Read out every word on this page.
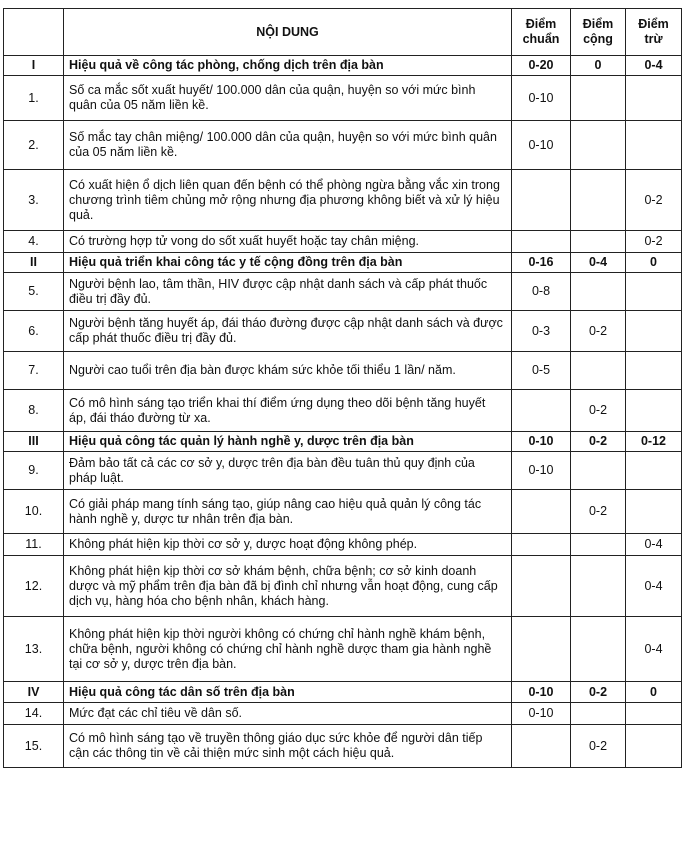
	NỘI DUNG	Điểm chuẩn	Điểm cộng	Điểm trừ
I	Hiệu quả về công tác phòng, chống dịch trên địa bàn	0-20	0	0-4
1.	Số ca mắc sốt xuất huyết/ 100.000 dân của quận, huyện so với mức bình quân của 05 năm liền kề.	0-10		
2.	Số mắc tay chân miệng/ 100.000 dân của quận, huyện so với mức bình quân của 05 năm liền kề.	0-10		
3.	Có xuất hiện ổ dịch liên quan đến bệnh có thể phòng ngừa bằng vắc xin trong chương trình tiêm chủng mở rộng nhưng địa phương không biết và xử lý hiệu quả.			0-2
4.	Có trường hợp tử vong do sốt xuất huyết hoặc tay chân miệng.			0-2
II	Hiệu quả triển khai công tác y tế cộng đồng trên địa bàn	0-16	0-4	0
5.	Người bệnh lao, tâm thần, HIV được cập nhật danh sách và cấp phát thuốc điều trị đầy đủ.	0-8		
6.	Người bệnh tăng huyết áp, đái tháo đường được cập nhật danh sách và được cấp phát thuốc điều trị đầy đủ.	0-3	0-2	
7.	Người cao tuổi trên địa bàn được khám sức khỏe tối thiểu 1 lần/ năm.	0-5		
8.	Có mô hình sáng tạo triển khai thí điểm ứng dụng theo dõi bệnh tăng huyết áp, đái tháo đường từ xa.		0-2	
III	Hiệu quả công tác quản lý hành nghề y, dược trên địa bàn	0-10	0-2	0-12
9.	Đảm bảo tất cả các cơ sở y, dược trên địa bàn đều tuân thủ quy định của pháp luật.	0-10		
10.	Có giải pháp mang tính sáng tạo, giúp nâng cao hiệu quả quản lý công tác hành nghề y, dược tư nhân trên địa bàn.		0-2	
11.	Không phát hiện kịp thời cơ sở y, dược hoạt động không phép.			0-4
12.	Không phát hiện kịp thời cơ sở khám bệnh, chữa bệnh; cơ sở kinh doanh dược và mỹ phẩm trên địa bàn đã bị đình chỉ nhưng vẫn hoạt động, cung cấp dịch vụ, hàng hóa cho bệnh nhân, khách hàng.			0-4
13.	Không phát hiện kịp thời người không có chứng chỉ hành nghề khám bệnh, chữa bệnh, người không có chứng chỉ hành nghề dược tham gia hành nghề tại cơ sở y, dược trên địa bàn.			0-4
IV	Hiệu quả công tác dân số trên địa bàn	0-10	0-2	0
14.	Mức đạt các chỉ tiêu về dân số.	0-10		
15.	Có mô hình sáng tạo về truyền thông giáo dục sức khỏe để người dân tiếp cận các thông tin về cải thiện mức sinh một cách hiệu quả.		0-2	
